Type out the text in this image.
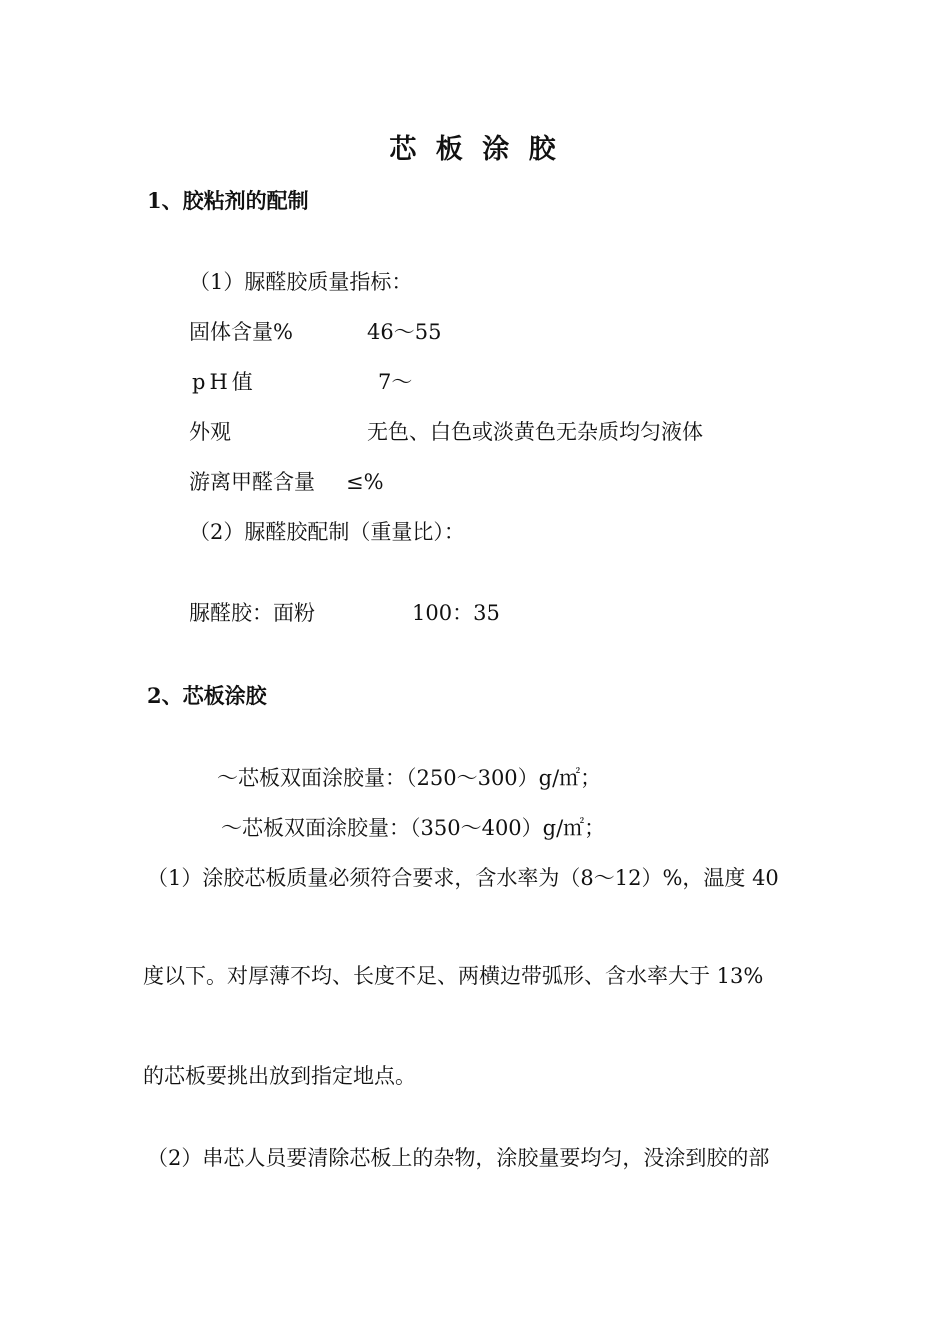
芯 板 涂 胶
1、胶粘剂的配制
（1）脲醛胶质量指标：
固体含量%	46～55
pH值	7～
外观	无色、白色或淡黄色无杂质均匀液体
游离甲醛含量 ≤%
（2）脲醛胶配制（重量比）：
脲醛胶：面粉	100：35
2、芯板涂胶
～芯板双面涂胶量：（250～300）g/㎡；
～芯板双面涂胶量：（350～400）g/㎡；
（1）涂胶芯板质量必须符合要求，含水率为（8～12）%，温度 40
度以下。对厚薄不均、长度不足、两横边带弧形、含水率大于 13%
的芯板要挑出放到指定地点。
（2）串芯人员要清除芯板上的杂物，涂胶量要均匀，没涂到胶的部
